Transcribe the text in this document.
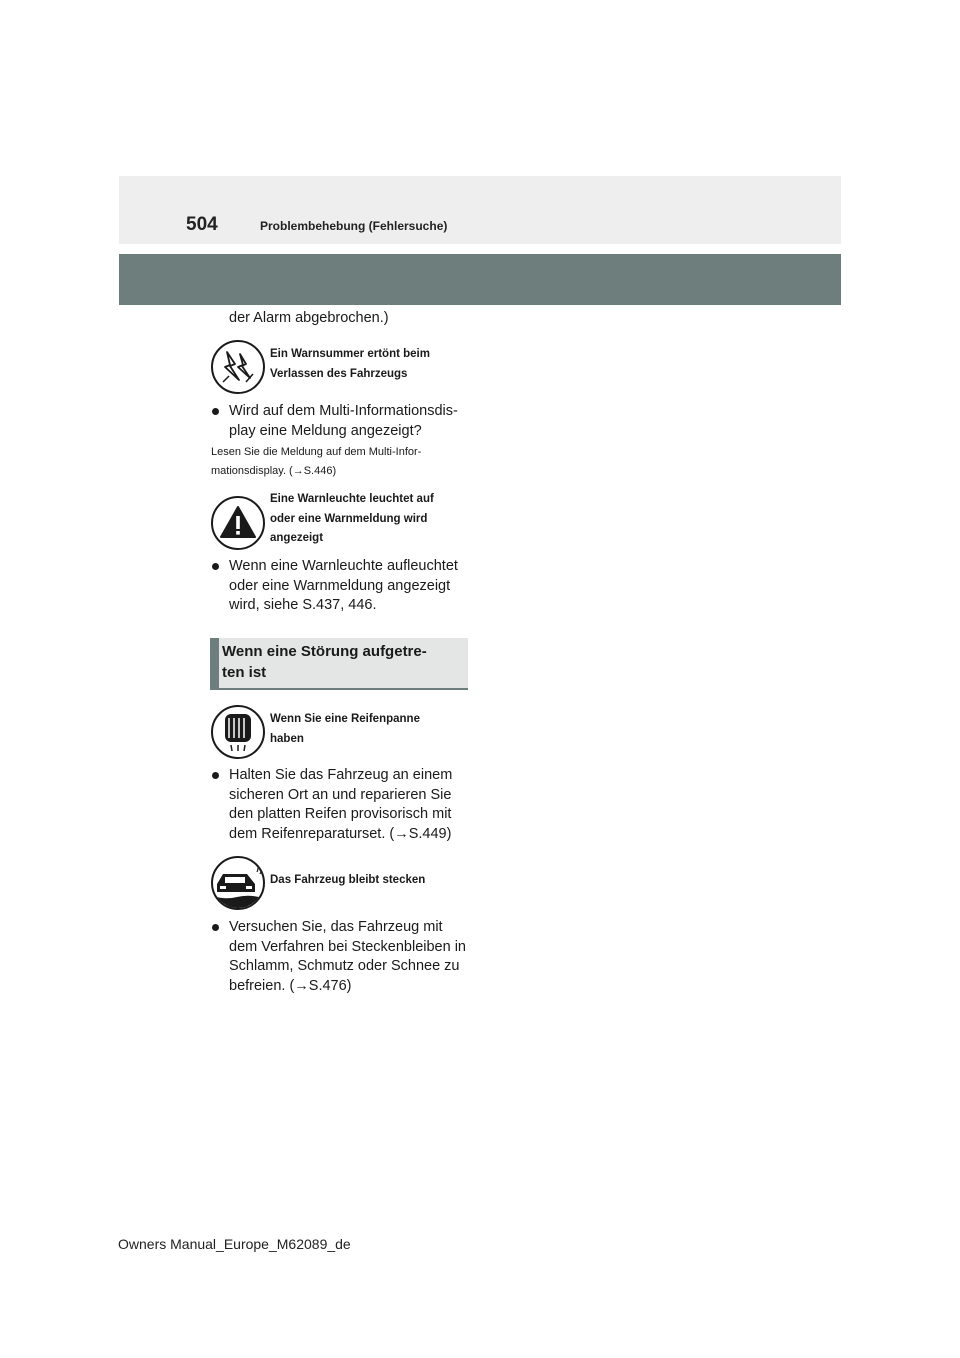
504	Problembehebung (Fehlersuche)
der Alarm abgebrochen.)
Ein Warnsummer ertönt beim
Verlassen des Fahrzeugs
Wird auf dem Multi-Informationsdis-
play eine Meldung angezeigt?
Lesen Sie die Meldung auf dem Multi-Infor-
mationsdisplay. (→S.446)
Eine Warnleuchte leuchtet auf
oder eine Warnmeldung wird
angezeigt
Wenn eine Warnleuchte aufleuchtet
oder eine Warnmeldung angezeigt
wird, siehe S.437, 446.
Wenn eine Störung aufgetre-
ten ist
Wenn Sie eine Reifenpanne
haben
Halten Sie das Fahrzeug an einem
sicheren Ort an und reparieren Sie
den platten Reifen provisorisch mit
dem Reifenreparaturset. (→S.449)
Das Fahrzeug bleibt stecken
Versuchen Sie, das Fahrzeug mit
dem Verfahren bei Steckenbleiben in
Schlamm, Schmutz oder Schnee zu
befreien. (→S.476)
Owners Manual_Europe_M62089_de
